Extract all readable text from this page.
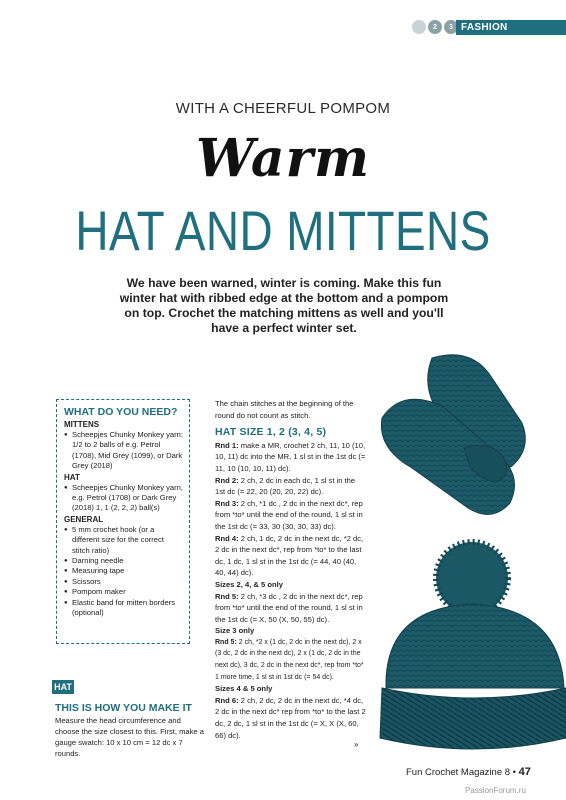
2	3 FASHION
WITH A CHEERFUL POMPOM
Warm
HAT AND MITTENS
We have been warned, winter is coming. Make this fun winter hat with ribbed edge at the bottom and a pompom on top. Crochet the matching mittens as well and you'll have a perfect winter set.
WHAT DO YOU NEED?
MITTENS
● Scheepjes Chunky Monkey yarn: 1/2 to 2 balls of e.g. Petrol (1708), Mid Grey (1099), or Dark Grey (2018)
HAT
● Scheepjes Chunky Monkey yarn, e.g. Petrol (1708) or Dark Grey (2018) 1, 1 (2, 2, 2) ball(s)
GENERAL
● 5 mm crochet hook (or a different size for the correct stitch ratio)
● Darning needle
● Measuring tape
● Scissors
● Pompom maker
● Elastic band for mitten borders (optional)
HAT
THIS IS HOW YOU MAKE IT
Measure the head circumference and choose the size closest to this. First, make a gauge swatch: 10 x 10 cm = 12 dc x 7 rounds.

The chain stitches at the beginning of the round do not count as stitch.

HAT SIZE 1, 2 (3, 4, 5)

Rnd 1: make a MR, crochet 2 ch, 11, 10 (10, 10, 11) dc into the MR, 1 sl st in the 1st dc (= 11, 10 (10, 10, 11) dc).

Rnd 2: 2 ch, 2 dc in each dc, 1 sl st in the 1st dc (= 22, 20 (20, 20, 22) dc).

Rnd 3: 2 ch, *1 dc , 2 dc in the next dc*, rep from *to* until the end of the round, 1 sl st in the 1st dc (= 33, 30 (30, 30, 33) dc).

Rnd 4: 2 ch, 1 dc, 2 dc in the next dc, *2 dc, 2 dc in the next dc*, rep from *to* to the last dc, 1 dc, 1 sl st in the 1st dc (= 44, 40 (40, 40, 44) dc).

Sizes 2, 4, & 5 only

Rnd 5: 2 ch, *3 dc , 2 dc in the next dc*, rep from *to* until the end of the round, 1 sl st in the 1st dc (= X, 50 (X, 50, 55) dc).

Size 3 only

Rnd 5: 2 ch, *2 x (1 dc, 2 dc in the next dc), 2 x (3 dc, 2 dc in the next dc), 2 x (1 dc, 2 dc in the next dc), 3 dc, 2 dc in the next dc*, rep from *to* 1 more time, 1 sl st in 1st dc (= 54 dc).

Sizes 4 & 5 only

Rnd 6: 2 ch, 2 dc, 2 dc in the next dc, *4 dc, 2 dc in the next dc* rep from *to* to the last 2 dc, 2 dc, 1 sl st in the 1st dc (= X, X (X, 60, 66) dc).

»
Fun Crochet Magazine 8 • 47
PassionForum.ru
